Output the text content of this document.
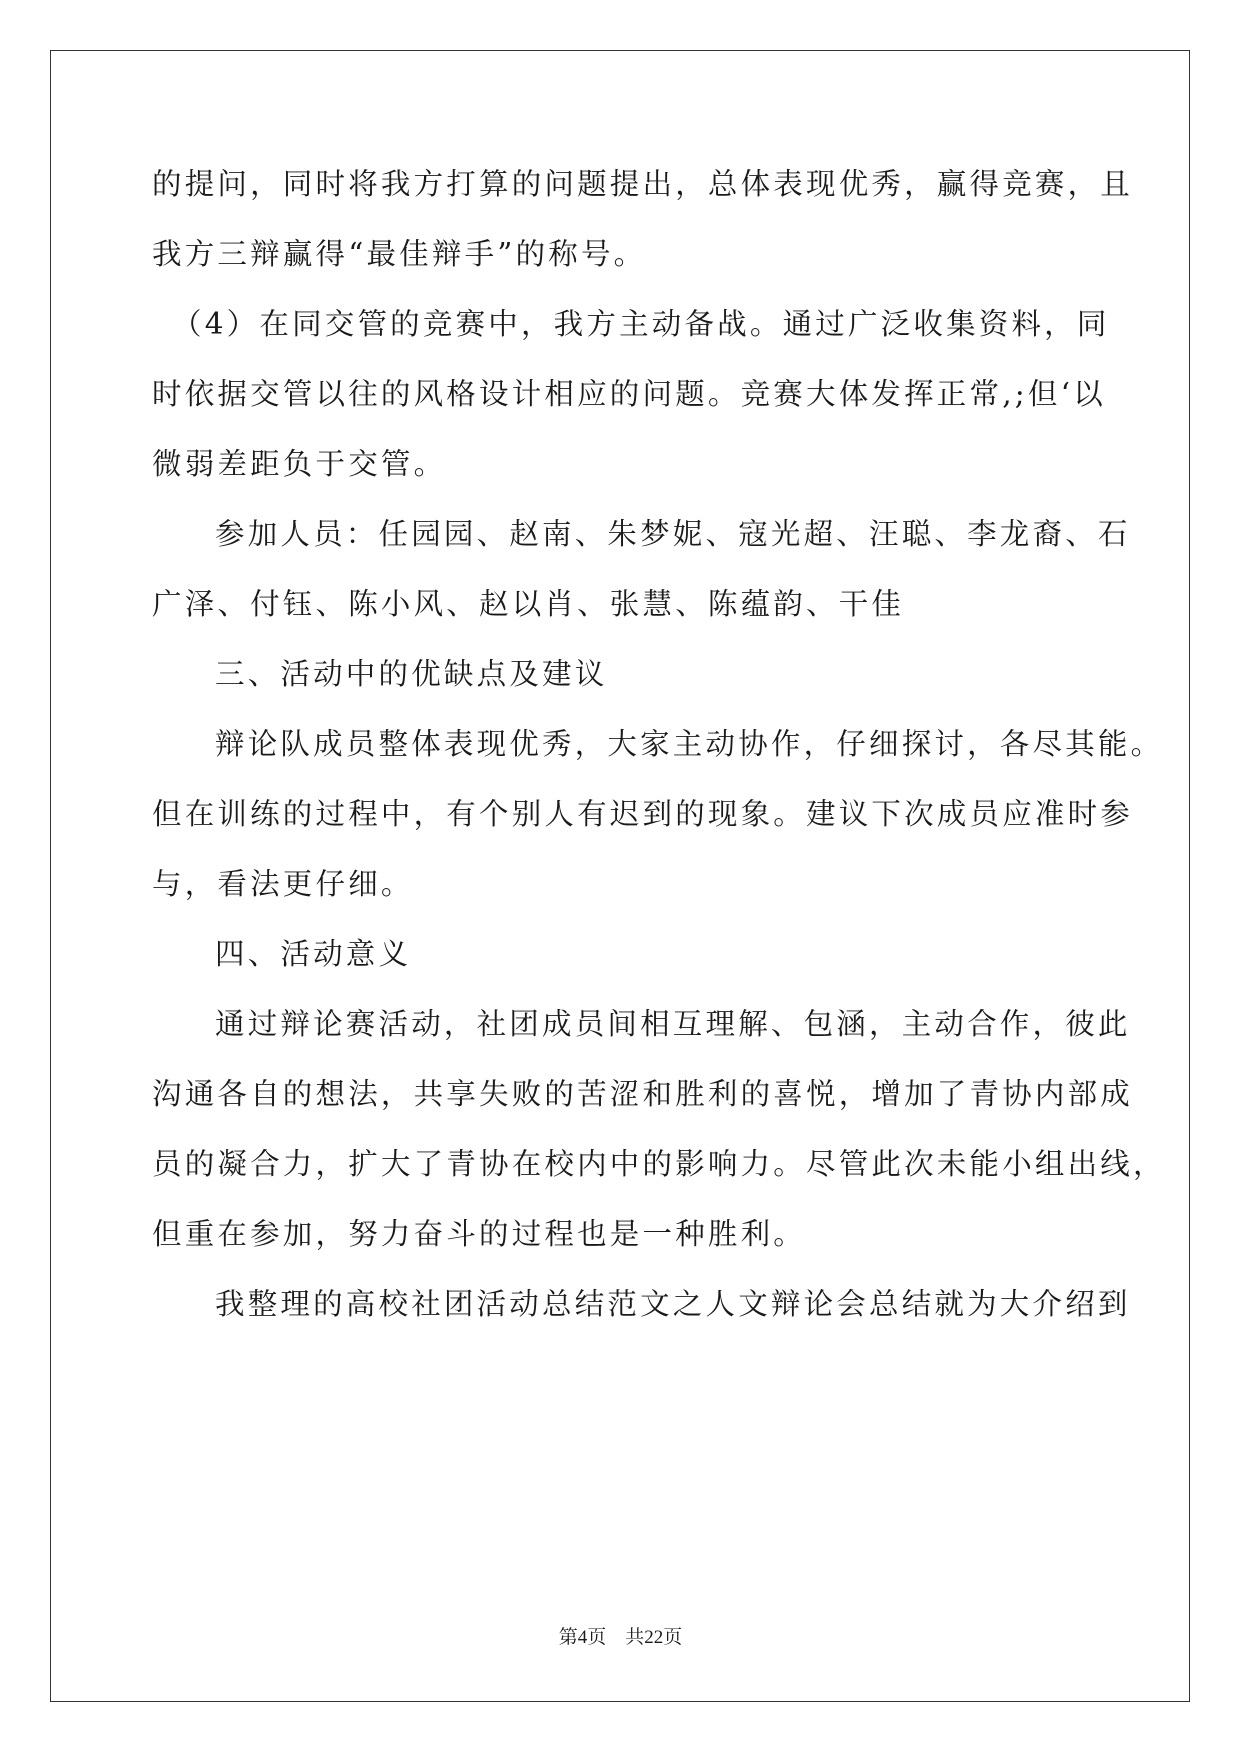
的提问，同时将我方打算的问题提出，总体表现优秀，赢得竞赛，且
我方三辩赢得“最佳辩手”的称号。
（4）在同交管的竞赛中，我方主动备战。通过广泛收集资料，同
时依据交管以往的风格设计相应的问题。竞赛大体发挥正常,;但‘以
微弱差距负于交管。
参加人员：任园园、赵南、朱梦妮、寇光超、汪聪、李龙裔、石
广泽、付钰、陈小风、赵以肖、张慧、陈蕴韵、干佳
三、活动中的优缺点及建议
辩论队成员整体表现优秀，大家主动协作，仔细探讨，各尽其能。
但在训练的过程中，有个别人有迟到的现象。建议下次成员应准时参
与，看法更仔细。
四、活动意义
通过辩论赛活动，社团成员间相互理解、包涵，主动合作，彼此
沟通各自的想法，共享失败的苦涩和胜利的喜悦，增加了青协内部成
员的凝合力，扩大了青协在校内中的影响力。尽管此次未能小组出线，
但重在参加，努力奋斗的过程也是一种胜利。
我整理的高校社团活动总结范文之人文辩论会总结就为大介绍到
第4页　共22页
